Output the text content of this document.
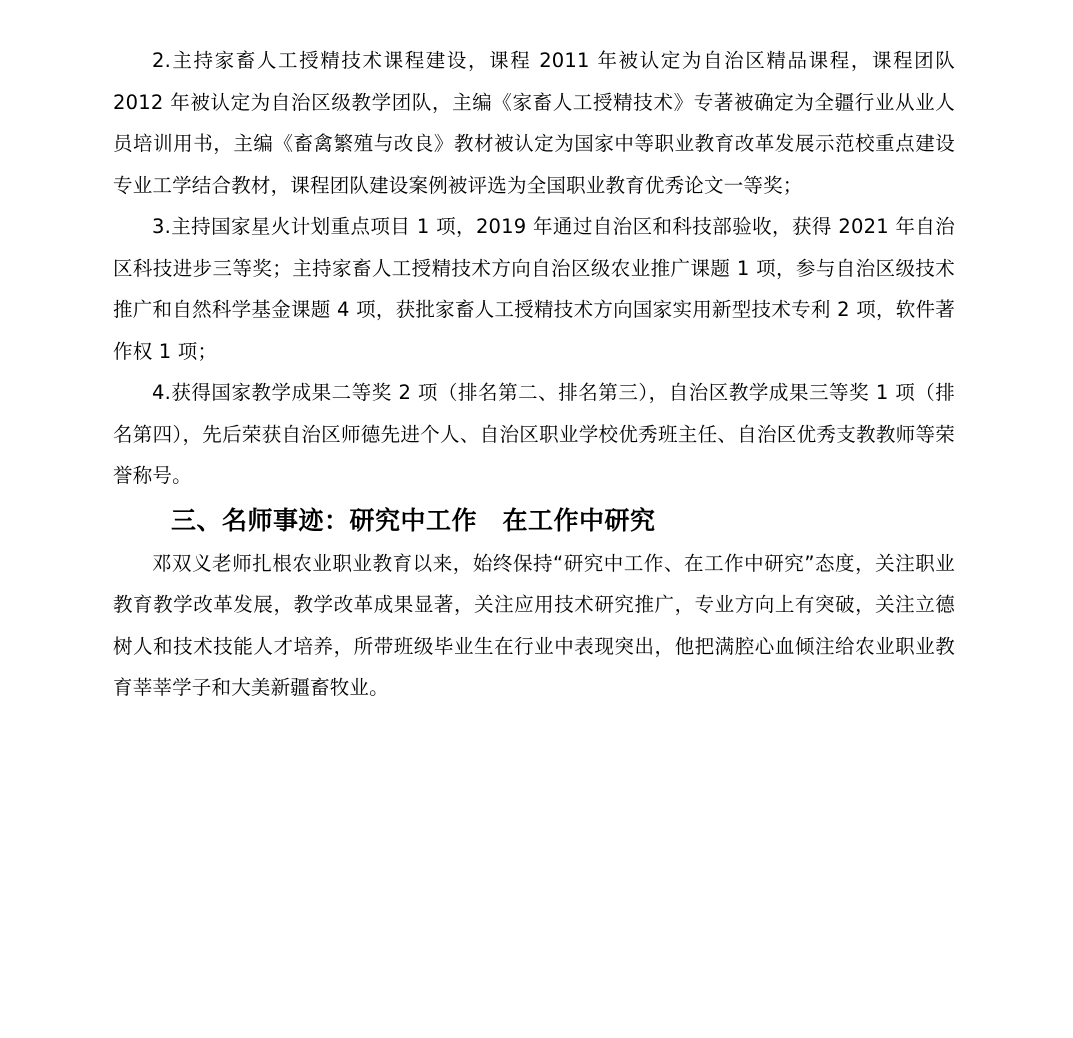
2.主持家畜人工授精技术课程建设，课程 2011 年被认定为自治区精品课程，课程团队 2012 年被认定为自治区级教学团队，主编《家畜人工授精技术》专著被确定为全疆行业从业人员培训用书，主编《畜禽繁殖与改良》教材被认定为国家中等职业教育改革发展示范校重点建设专业工学结合教材，课程团队建设案例被评选为全国职业教育优秀论文一等奖；

3.主持国家星火计划重点项目 1 项，2019 年通过自治区和科技部验收，获得 2021 年自治区科技进步三等奖；主持家畜人工授精技术方向自治区级农业推广课题 1 项，参与自治区级技术推广和自然科学基金课题 4 项，获批家畜人工授精技术方向国家实用新型技术专利 2 项，软件著作权 1 项；

4.获得国家教学成果二等奖 2 项（排名第二、排名第三），自治区教学成果三等奖 1 项（排名第四），先后荣获自治区师德先进个人、自治区职业学校优秀班主任、自治区优秀支教教师等荣誉称号。

三、名师事迹：研究中工作　在工作中研究

邓双义老师扎根农业职业教育以来，始终保持“研究中工作、在工作中研究”态度，关注职业教育教学改革发展，教学改革成果显著，关注应用技术研究推广，专业方向上有突破，关注立德树人和技术技能人才培养，所带班级毕业生在行业中表现突出，他把满腔心血倾注给农业职业教育莘莘学子和大美新疆畜牧业。
